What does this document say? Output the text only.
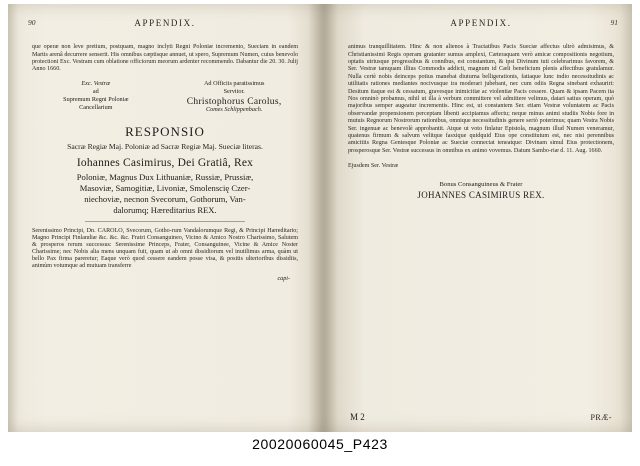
90	APPENDIX.

que operæ non leve pretium, postquam, magno inclyti Regni Poloniæ incremento, Sueciam in eandem Martis arenâ decurrere senserit. His omnibus cæptisque annuet, ut spero, Supremum Numen, cuius benevolo protectioni Exc. Vestram cum oblatione officiorum meorum ardenter recommendo. Dabantur die 20. 30. Julij Anno 1660.

Exc. Vestræ
ad
Supremum Regni Poloniæ
Cancellarium
Ad Officiis paratissimus
Servitor.
Christophorus Carolus,
Comes Schlippenbach.
RESPONSIO
Sacræ Regiæ Maj. Poloniæ ad Sacræ Regiæ Maj. Sueciæ literas.
Iohannes Casimirus, Dei Gratiâ, Rex
Poloniæ, Magnus Dux Lithuaniæ, Russiæ, Prussiæ,
Masoviæ, Samogitiæ, Livoniæ, Smolenscię Czer-
niechoviæ, necnon Svecorum, Gothorum, Van-
dalorumq; Hæreditarius REX.

Serenissimo Principi, Dn. CAROLO, Svecorum, Gotho-rum Vandalorumque Regi, & Principi Hæreditario; Magno Principi Finlandiæ &c. &c. &c. Fratri Consanguineo, Vicino & Amico Nostro Charissimo, Salutem & prosperos rerum successus: Serenissime Princeps, Frater, Consanguinee, Vicine & Amice Noster Charissime; nec Nobis alia mens unquam fuit, quam ut ab omni dissidiorum vel inutilimus arma, quàm ut bello Pax firma pareretur; Eaque verò quod cessere eandem posse visa, & positis ulterioribus dissidiis, animùm votumque ad mutuam transferre

capi-
91
APPENDIX.

animus tranquillitatem. Hinc & non alienos à Tractatibus Pacis Sueciæ affectus ultrò admisimus, & Christianissimi Regis operam gratanter sumus amplexi, Cæteraquam verò amicæ compositionis negotium, optatis utriusque progressibus & connibus, est constantum, & ipsi Divinum tuti celebrarimus favorem, & Ser. Vestræ tamquam illius Commodis addicti, magnum id Cæli beneficium plenis affectibus gratulamur. Nulla certè nobis deinceps potius manebat diuturna belligerationis, fatiaque lunc indio necessitudinis ac utilitatis rationes mediantes nocivusque ira moderari jubebant, nec cum odiis Regna sinebant exhauriri: Desitum itaque est & cessatum, gravesque inimicitiæ ac violentiæ Pacis cessere. Quam & ipsam Pacem ita Nos omninò probamus, nihil ut illa à verbum committere vel admittere velimus, datari satius operam, quò majoribus semper augeatur incrementis. Hinc est, ut constantem Ser. etiam Vestræ voluntatem ac Pacis observandæ propensionem perceptam libenti accipiamus affectu; neque minus animi studiis Nobis fore in mutuis Regnorum Nostrorum rationibus, omnique necessitudinis genere seriò poterimus; quam Vestra Nobis Ser. ingenuæ ac benevolè approbantit. Atque ut voto finlatur Epistola, magnum illud Numen veneramur, quatenus firmum & salvum velitque fasxique quidquid Eius ope constitutum est, nec nisi perennibus amicitiis Regna Gentesque Poloniæ ac Sueciæ connectat teneatque: Divinam simul Eius protectionem, prosperosque Ser. Vestræ successus in omnibus ex animo vovemus. Datum Sambo-riæ d. 11. Aug. 1660.

Ejusdem Ser. Vestræ

Bonus Consanguineus & Frater
JOHANNES CASIMIRUS REX.
M 2	PRÆ-
20020060045_P423
